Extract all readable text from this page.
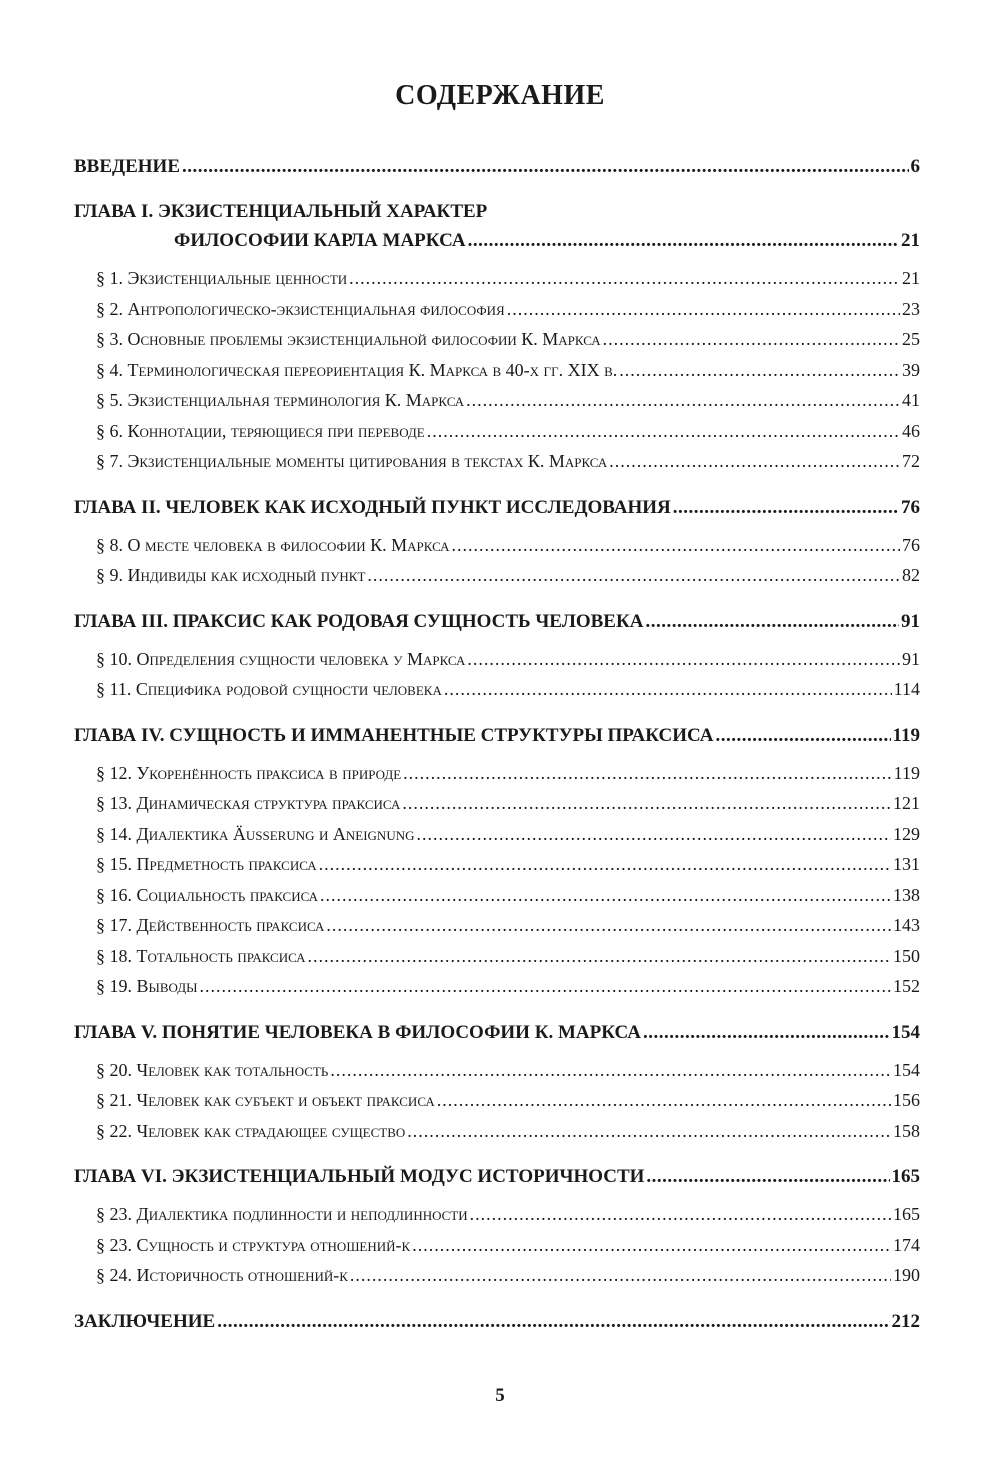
СОДЕРЖАНИЕ
ВВЕДЕНИЕ .....	6
ГЛАВА I. ЭКЗИСТЕНЦИАЛЬНЫЙ ХАРАКТЕР
ФИЛОСОФИИ КАРЛА МАРКСА .....	21
§ 1. Экзистенциальные ценности .....	21
§ 2. Антропологическо-экзистенциальная философия .....	23
§ 3. Основные проблемы экзистенциальной философии К. Маркса .....	25
§ 4. Терминологическая переориентация К. Маркса в 40-х гг. XIX в. .....	39
§ 5. Экзистенциальная терминология К. Маркса .....	41
§ 6. Коннотации, теряющиеся при переводе .....	46
§ 7. Экзистенциальные моменты цитирования в текстах К. Маркса .....	72
ГЛАВА II. ЧЕЛОВЕК КАК ИСХОДНЫЙ ПУНКТ ИССЛЕДОВАНИЯ .....	76
§ 8. О месте человека в философии К. Маркса .....	76
§ 9. Индивиды как исходный пункт .....	82
ГЛАВА III. ПРАКСИС КАК РОДОВАЯ СУЩНОСТЬ ЧЕЛОВЕКА .....	91
§ 10. Определения сущности человека у Маркса .....	91
§ 11. Специфика родовой сущности человека .....	114
ГЛАВА IV. СУЩНОСТЬ И ИММАНЕНТНЫЕ СТРУКТУРЫ ПРАКСИСА .....	119
§ 12. Укоренённость праксиса в природе .....	119
§ 13. Динамическая структура праксиса .....	121
§ 14. Диалектика Äußerung и Aneignung .....	129
§ 15. Предметность праксиса .....	131
§ 16. Социальность праксиса .....	138
§ 17. Действенность праксиса .....	143
§ 18. Тотальность праксиса .....	150
§ 19. Выводы .....	152
ГЛАВА V. ПОНЯТИЕ ЧЕЛОВЕКА В ФИЛОСОФИИ К. МАРКСА .....	154
§ 20. Человек как тотальность .....	154
§ 21. Человек как субъект и объект праксиса .....	156
§ 22. Человек как страдающее существо .....	158
ГЛАВА VI. ЭКЗИСТЕНЦИАЛЬНЫЙ МОДУС ИСТОРИЧНОСТИ .....	165
§ 23. Диалектика подлинности и неподлинности .....	165
§ 23. Сущность и структура отношений-к .....	174
§ 24. Историчность отношений-к .....	190
ЗАКЛЮЧЕНИЕ .....	212
5
